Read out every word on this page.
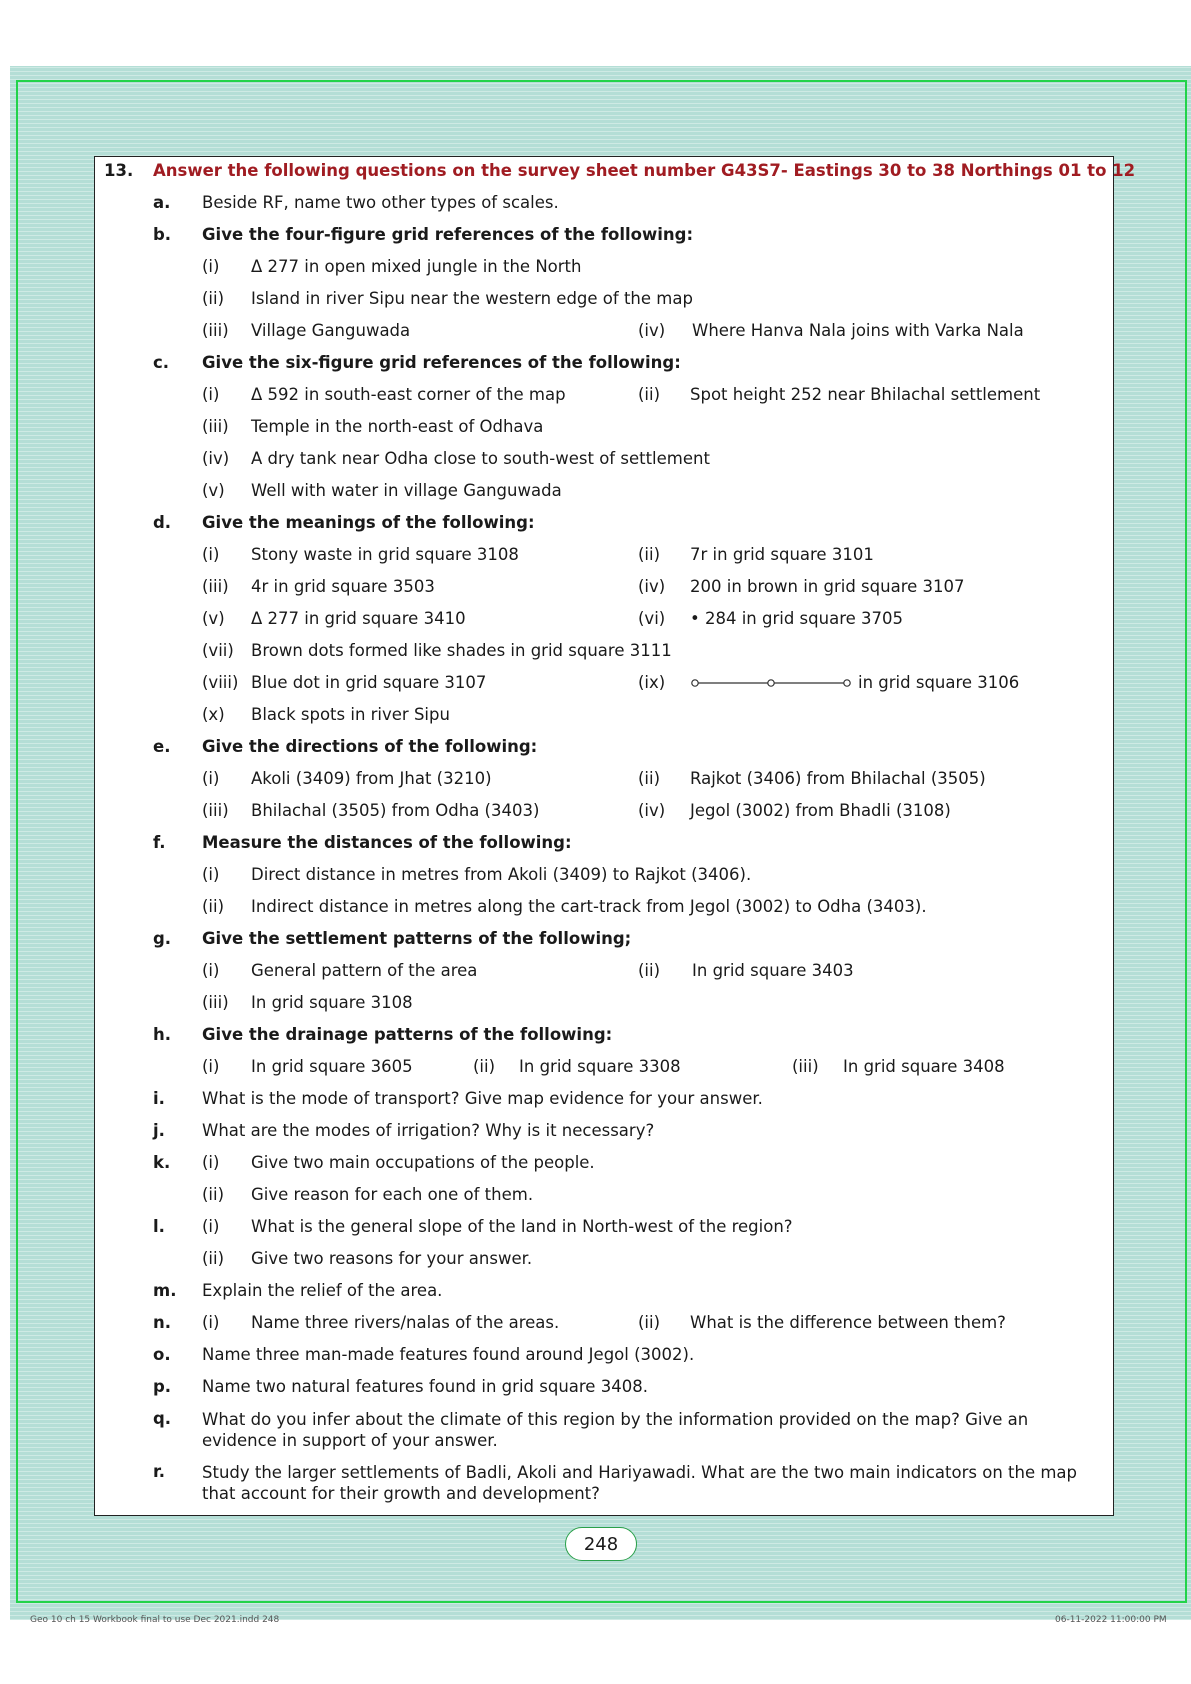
13. Answer the following questions on the survey sheet number G43S7- Eastings 30 to 38 Northings 01 to 12
a. Beside RF, name two other types of scales.
b. Give the four-figure grid references of the following:
(i) Δ 277 in open mixed jungle in the North
(ii) Island in river Sipu near the western edge of the map
(iii) Village Ganguwada	(iv) Where Hanva Nala joins with Varka Nala
c. Give the six-figure grid references of the following:
(i) Δ 592 in south-east corner of the map	(ii) Spot height 252 near Bhilachal settlement
(iii) Temple in the north-east of Odhava
(iv) A dry tank near Odha close to south-west of settlement
(v) Well with water in village Ganguwada
d. Give the meanings of the following:
(i) Stony waste in grid square 3108	(ii) 7r in grid square 3101
(iii) 4r in grid square 3503	(iv) 200 in brown in grid square 3107
(v) Δ 277 in grid square 3410	(vi) • 284 in grid square 3705
(vii) Brown dots formed like shades in grid square 3111
(viii) Blue dot in grid square 3107	(ix)	in grid square 3106
(x) Black spots in river Sipu
e. Give the directions of the following:
(i) Akoli (3409) from Jhat (3210)	(ii) Rajkot (3406) from Bhilachal (3505)
(iii) Bhilachal (3505) from Odha (3403)	(iv) Jegol (3002) from Bhadli (3108)
f. Measure the distances of the following:
(i) Direct distance in metres from Akoli (3409) to Rajkot (3406).
(ii) Indirect distance in metres along the cart-track from Jegol (3002) to Odha (3403).
g. Give the settlement patterns of the following;
(i) General pattern of the area	(ii) In grid square 3403
(iii) In grid square 3108
h. Give the drainage patterns of the following:
(i) In grid square 3605	(ii) In grid square 3308	(iii) In grid square 3408
i. What is the mode of transport? Give map evidence for your answer.
j. What are the modes of irrigation? Why is it necessary?
k. (i) Give two main occupations of the people.
(ii) Give reason for each one of them.
l. (i) What is the general slope of the land in North-west of the region?
(ii) Give two reasons for your answer.
m. Explain the relief of the area.
n. (i) Name three rivers/nalas of the areas.	(ii) What is the difference between them?
o. Name three man-made features found around Jegol (3002).
p. Name two natural features found in grid square 3408.
q. What do you infer about the climate of this region by the information provided on the map? Give an evidence in support of your answer.
r. Study the larger settlements of Badli, Akoli and Hariyawadi. What are the two main indicators on the map that account for their growth and development?
248
Geo 10 ch 15 Workbook final to use Dec 2021.indd 248	06-11-2022 11:00:00 PM
